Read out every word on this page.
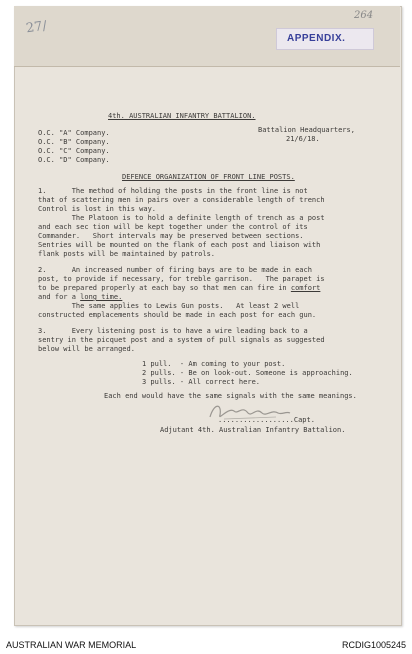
27/
264
APPENDIX.
4th. AUSTRALIAN INFANTRY BATTALION.
O.C. "A" Company.
O.C. "B" Company.
O.C. "C" Company.
O.C. "D" Company.
Battalion Headquarters,
21/6/18.
DEFENCE ORGANIZATION OF FRONT LINE POSTS.
1.      The method of holding the posts in the front line is not
that of scattering men in pairs over a considerable length of trench
Control is lost in this way.
The Platoon is to hold a definite length of trench as a post
and each sec tion will be kept together under the control of its
Commander.   Short intervals may be preserved between sections.
Sentries will be mounted on the flank of each post and liaison with
flank posts will be maintained by patrols.
2.      An increased number of firing bays are to be made in each
post, to provide if necessary, for treble garrison.   The parapet is
to be prepared properly at each bay so that men can fire in comfort
and for a long time.
The same applies to Lewis Gun posts.   At least 2 well
constructed emplacements should be made in each post for each gun.
3.      Every listening post is to have a wire leading back to a
sentry in the picquet post and a system of pull signals as suggested
below will be arranged.
1 pull.  - Am coming to your post.
2 pulls. - Be on look-out. Someone is approaching.
3 pulls. - All correct here.
Each end would have the same signals with the same meanings.
..................Capt.
Adjutant 4th. Australian Infantry Battalion.
AUSTRALIAN WAR MEMORIAL	RCDIG1005245
